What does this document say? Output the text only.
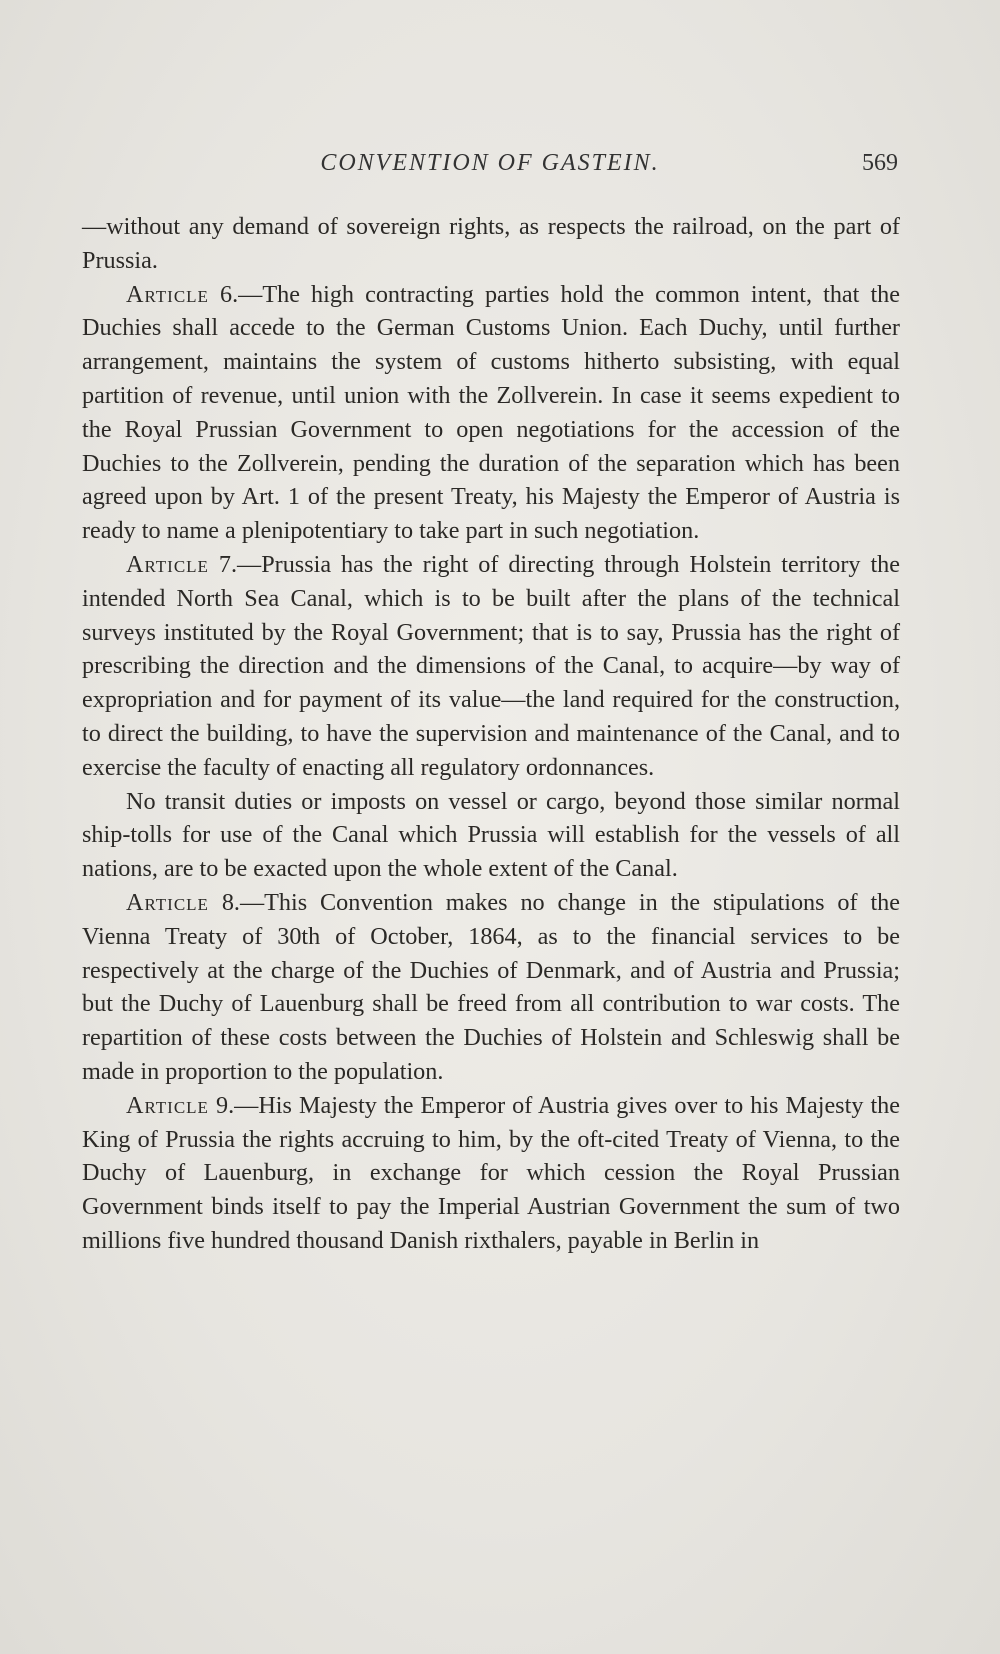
CONVENTION OF GASTEIN.	569

—without any demand of sovereign rights, as respects the railroad, on the part of Prussia.

Article 6.—The high contracting parties hold the common intent, that the Duchies shall accede to the German Customs Union. Each Duchy, until further arrangement, maintains the system of customs hitherto subsisting, with equal partition of revenue, until union with the Zollverein. In case it seems expedient to the Royal Prussian Government to open negotiations for the accession of the Duchies to the Zollverein, pending the duration of the separation which has been agreed upon by Art. 1 of the present Treaty, his Majesty the Emperor of Austria is ready to name a plenipotentiary to take part in such negotiation.

Article 7.—Prussia has the right of directing through Holstein territory the intended North Sea Canal, which is to be built after the plans of the technical surveys instituted by the Royal Government; that is to say, Prussia has the right of prescribing the direction and the dimensions of the Canal, to acquire—by way of expropriation and for payment of its value—the land required for the construction, to direct the building, to have the supervision and maintenance of the Canal, and to exercise the faculty of enacting all regulatory ordonnances.

No transit duties or imposts on vessel or cargo, beyond those similar normal ship-tolls for use of the Canal which Prussia will establish for the vessels of all nations, are to be exacted upon the whole extent of the Canal.

Article 8.—This Convention makes no change in the stipulations of the Vienna Treaty of 30th of October, 1864, as to the financial services to be respectively at the charge of the Duchies of Denmark, and of Austria and Prussia; but the Duchy of Lauenburg shall be freed from all contribution to war costs. The repartition of these costs between the Duchies of Holstein and Schleswig shall be made in proportion to the population.

Article 9.—His Majesty the Emperor of Austria gives over to his Majesty the King of Prussia the rights accruing to him, by the oft-cited Treaty of Vienna, to the Duchy of Lauenburg, in exchange for which cession the Royal Prussian Government binds itself to pay the Imperial Austrian Government the sum of two millions five hundred thousand Danish rixthalers, payable in Berlin in
